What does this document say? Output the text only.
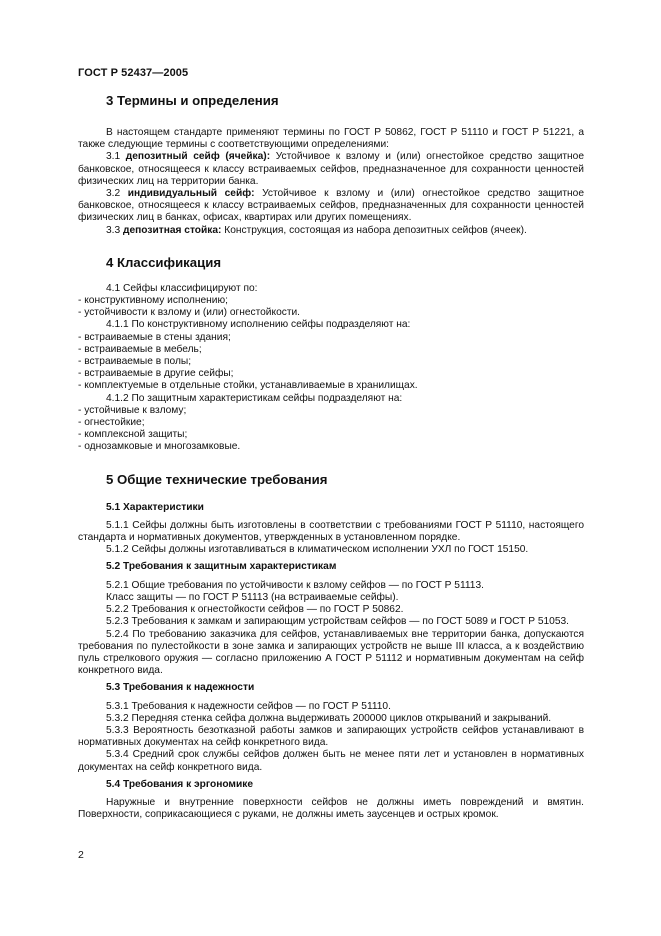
ГОСТ Р 52437—2005
3 Термины и определения

В настоящем стандарте применяют термины по ГОСТ Р 50862, ГОСТ Р 51110 и ГОСТ Р 51221, а также следующие термины с соответствующими определениями:

3.1 депозитный сейф (ячейка): Устойчивое к взлому и (или) огнестойкое средство защитное банковское, относящееся к классу встраиваемых сейфов, предназначенное для сохранности ценностей физических лиц на территории банка.

3.2 индивидуальный сейф: Устойчивое к взлому и (или) огнестойкое средство защитное банковское, относящееся к классу встраиваемых сейфов, предназначенных для сохранности ценностей физических лиц в банках, офисах, квартирах или других помещениях.

3.3 депозитная стойка: Конструкция, состоящая из набора депозитных сейфов (ячеек).

4 Классификация

4.1 Сейфы классифицируют по:

- конструктивному исполнению;

- устойчивости к взлому и (или) огнестойкости.

4.1.1 По конструктивному исполнению сейфы подразделяют на:

- встраиваемые в стены здания;

- встраиваемые в мебель;

- встраиваемые в полы;

- встраиваемые в другие сейфы;

- комплектуемые в отдельные стойки, устанавливаемые в хранилищах.

4.1.2 По защитным характеристикам сейфы подразделяют на:

- устойчивые к взлому;

- огнестойкие;

- комплексной защиты;

- однозамковые и многозамковые.

5 Общие технические требования
5.1 Характеристики

5.1.1 Сейфы должны быть изготовлены в соответствии с требованиями ГОСТ Р 51110, настоящего стандарта и нормативных документов, утвержденных в установленном порядке.

5.1.2 Сейфы должны изготавливаться в климатическом исполнении УХЛ по ГОСТ 15150.

5.2 Требования к защитным характеристикам

5.2.1 Общие требования по устойчивости к взлому сейфов — по ГОСТ Р 51113.

Класс защиты — по ГОСТ Р 51113 (на встраиваемые сейфы).

5.2.2 Требования к огнестойкости сейфов — по ГОСТ Р 50862.

5.2.3 Требования к замкам и запирающим устройствам сейфов — по ГОСТ 5089 и ГОСТ Р 51053.

5.2.4 По требованию заказчика для сейфов, устанавливаемых вне территории банка, допускаются требования по пулестойкости в зоне замка и запирающих устройств не выше III класса, а к воздействию пуль стрелкового оружия — согласно приложению А ГОСТ Р 51112 и нормативным документам на сейф конкретного вида.

5.3 Требования к надежности

5.3.1 Требования к надежности сейфов — по ГОСТ Р 51110.

5.3.2 Передняя стенка сейфа должна выдерживать 200000 циклов открываний и закрываний.

5.3.3 Вероятность безотказной работы замков и запирающих устройств сейфов устанавливают в нормативных документах на сейф конкретного вида.

5.3.4 Средний срок службы сейфов должен быть не менее пяти лет и установлен в нормативных документах на сейф конкретного вида.

5.4 Требования к эргономике

Наружные и внутренние поверхности сейфов не должны иметь повреждений и вмятин. Поверхности, соприкасающиеся с руками, не должны иметь заусенцев и острых кромок.

2
